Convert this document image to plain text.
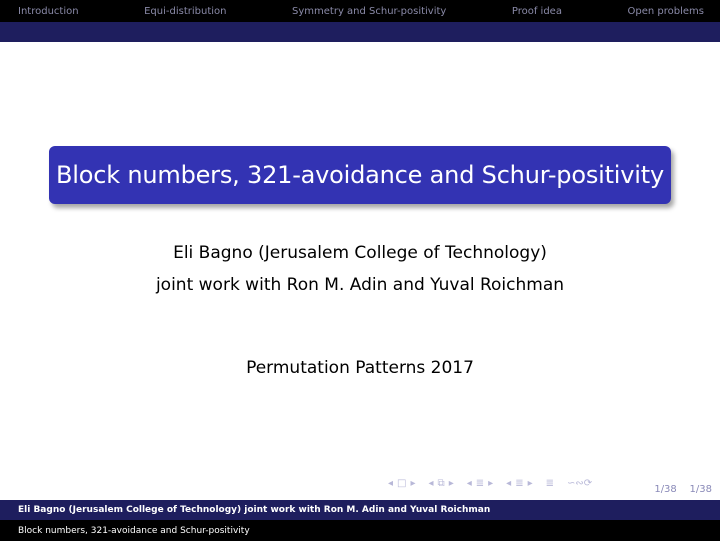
Introduction	Equi-distribution	Symmetry and Schur-positivity	Proof idea	Open problems
Block numbers, 321-avoidance and Schur-positivity
Eli Bagno (Jerusalem College of Technology)
joint work with Ron M. Adin and Yuval Roichman
Permutation Patterns 2017
◂ □ ▸ ◂ ⧉ ▸ ◂ ≣ ▸ ◂ ≣ ▸ ≣ ∽∾⟳
1/38 1/38
Eli Bagno (Jerusalem College of Technology) joint work with Ron M. Adin and Yuval Roichman
Block numbers, 321-avoidance and Schur-positivity
